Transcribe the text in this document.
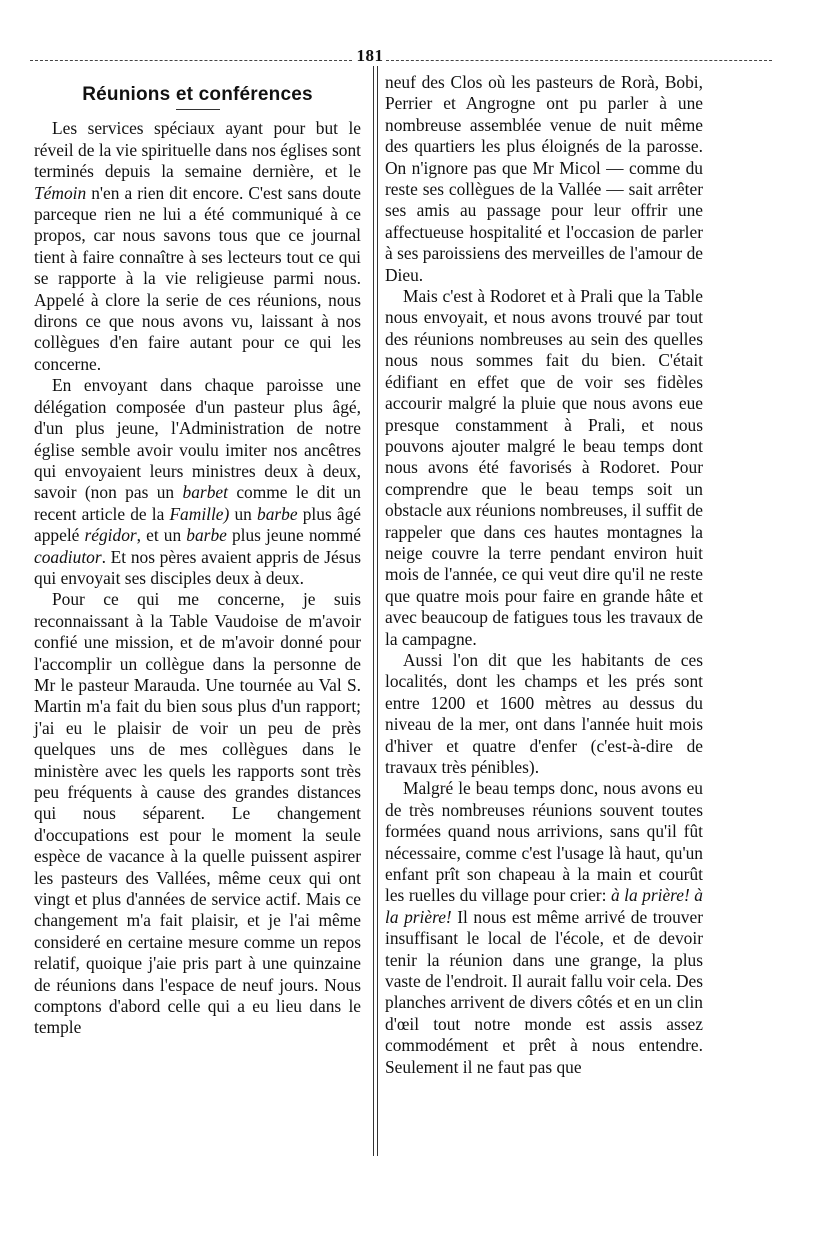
181
Réunions et conférences

Les services spéciaux ayant pour but le réveil de la vie spirituelle dans nos églises sont terminés depuis la semaine dernière, et le Témoin n'en a rien dit encore. C'est sans doute parceque rien ne lui a été communiqué à ce propos, car nous savons tous que ce journal tient à faire connaître à ses lecteurs tout ce qui se rapporte à la vie religieuse parmi nous. Appelé à clore la serie de ces réunions, nous dirons ce que nous avons vu, laissant à nos collègues d'en faire autant pour ce qui les concerne.

En envoyant dans chaque paroisse une délégation composée d'un pasteur plus âgé, d'un plus jeune, l'Administration de notre église semble avoir voulu imiter nos ancêtres qui envoyaient leurs ministres deux à deux, savoir (non pas un barbet comme le dit un recent article de la Famille) un barbe plus âgé appelé régidor, et un barbe plus jeune nommé coadiutor. Et nos pères avaient appris de Jésus qui envoyait ses disciples deux à deux.

Pour ce qui me concerne, je suis reconnaissant à la Table Vaudoise de m'avoir confié une mission, et de m'avoir donné pour l'accomplir un collègue dans la personne de Mr le pasteur Marauda. Une tournée au Val S. Martin m'a fait du bien sous plus d'un rapport; j'ai eu le plaisir de voir un peu de près quelques uns de mes collègues dans le ministère avec les quels les rapports sont très peu fréquents à cause des grandes distances qui nous séparent. Le changement d'occupations est pour le moment la seule espèce de vacance à la quelle puissent aspirer les pasteurs des Vallées, même ceux qui ont vingt et plus d'années de service actif. Mais ce changement m'a fait plaisir, et je l'ai même consideré en certaine mesure comme un repos relatif, quoique j'aie pris part à une quinzaine de réunions dans l'espace de neuf jours. Nous comptons d'abord celle qui a eu lieu dans le temple

neuf des Clos où les pasteurs de Rorà, Bobi, Perrier et Angrogne ont pu parler à une nombreuse assemblée venue de nuit même des quartiers les plus éloignés de la parosse. On n'ignore pas que Mr Micol — comme du reste ses collègues de la Vallée — sait arrêter ses amis au passage pour leur offrir une affectueuse hospitalité et l'occasion de parler à ses paroissiens des merveilles de l'amour de Dieu.

Mais c'est à Rodoret et à Prali que la Table nous envoyait, et nous avons trouvé par tout des réunions nombreuses au sein des quelles nous nous sommes fait du bien. C'était édifiant en effet que de voir ses fidèles accourir malgré la pluie que nous avons eue presque constamment à Prali, et nous pouvons ajouter malgré le beau temps dont nous avons été favorisés à Rodoret. Pour comprendre que le beau temps soit un obstacle aux réunions nombreuses, il suffit de rappeler que dans ces hautes montagnes la neige couvre la terre pendant environ huit mois de l'année, ce qui veut dire qu'il ne reste que quatre mois pour faire en grande hâte et avec beaucoup de fatigues tous les travaux de la campagne.

Aussi l'on dit que les habitants de ces localités, dont les champs et les prés sont entre 1200 et 1600 mètres au dessus du niveau de la mer, ont dans l'année huit mois d'hiver et quatre d'enfer (c'est-à-dire de travaux très pénibles).

Malgré le beau temps donc, nous avons eu de très nombreuses réunions souvent toutes formées quand nous arrivions, sans qu'il fût nécessaire, comme c'est l'usage là haut, qu'un enfant prît son chapeau à la main et courût les ruelles du village pour crier: à la prière! à la prière! Il nous est même arrivé de trouver insuffisant le local de l'école, et de devoir tenir la réunion dans une grange, la plus vaste de l'endroit. Il aurait fallu voir cela. Des planches arrivent de divers côtés et en un clin d'œil tout notre monde est assis assez commodément et prêt à nous entendre. Seulement il ne faut pas que
